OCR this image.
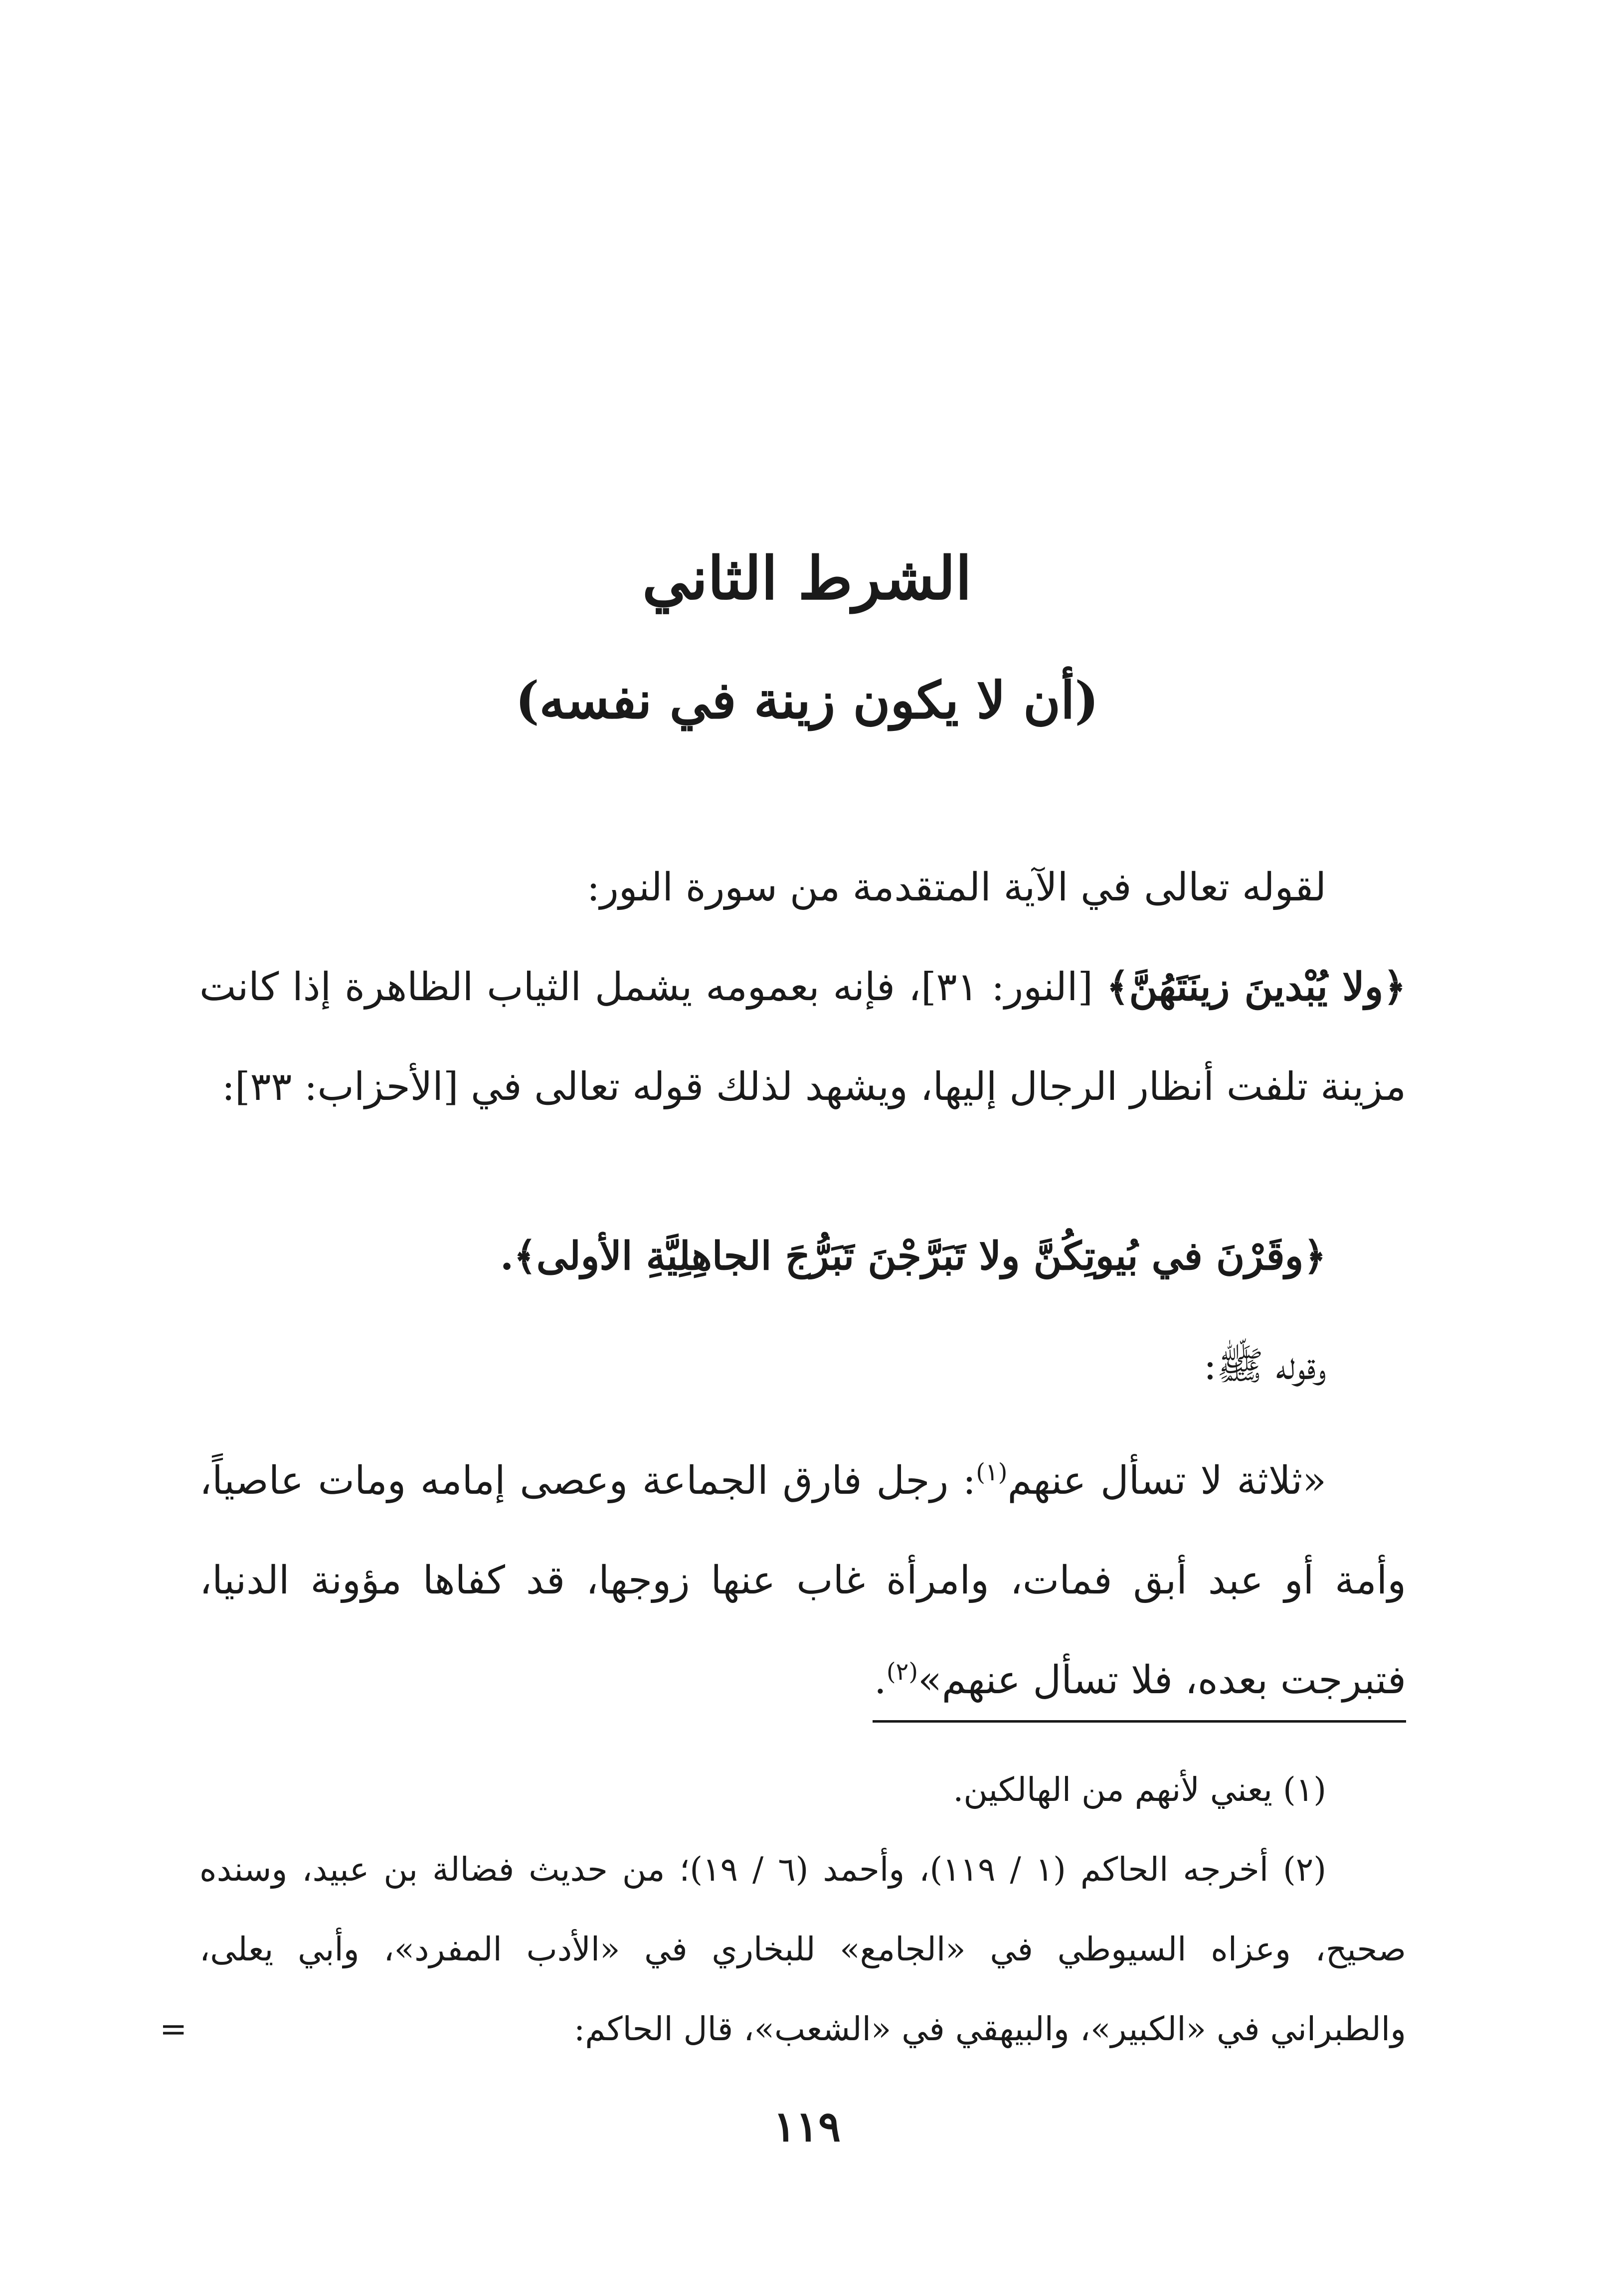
الشرط الثاني
(أن لا يكون زينة في نفسه)

لقوله تعالى في الآية المتقدمة من سورة النور:

﴿ولا يُبْدينَ زينَتَهُنَّ﴾ [النور: ٣١]، فإنه بعمومه يشمل الثياب الظاهرة إذا كانت مزينة تلفت أنظار الرجال إليها، ويشهد لذلك قوله تعالى في [الأحزاب: ٣٣]:

﴿وقَرْنَ في بُيوتِكُنَّ ولا تَبَرَّجْنَ تَبَرُّجَ الجاهِلِيَّةِ الأولى﴾.

وقوله ﷺ:

«ثلاثة لا تسأل عنهم$^{(١)}$: رجل فارق الجماعة وعصى إمامه ومات عاصياً، وأمة أو عبد أبق فمات، وامرأة غاب عنها زوجها، قد كفاها مؤونة الدنيا، فتبرجت بعده، فلا تسأل عنهم»$^{(٢)}$.

(١) يعني لأنهم من الهالكين.

(٢) أخرجه الحاكم (١ / ١١٩)، وأحمد (٦ / ١٩)؛ من حديث فضالة بن عبيد، وسنده صحيح، وعزاه السيوطي في «الجامع» للبخاري في «الأدب المفرد»، وأبي يعلى، والطبراني في «الكبير»، والبيهقي في «الشعب»، قال الحاكم:

=
١١٩
